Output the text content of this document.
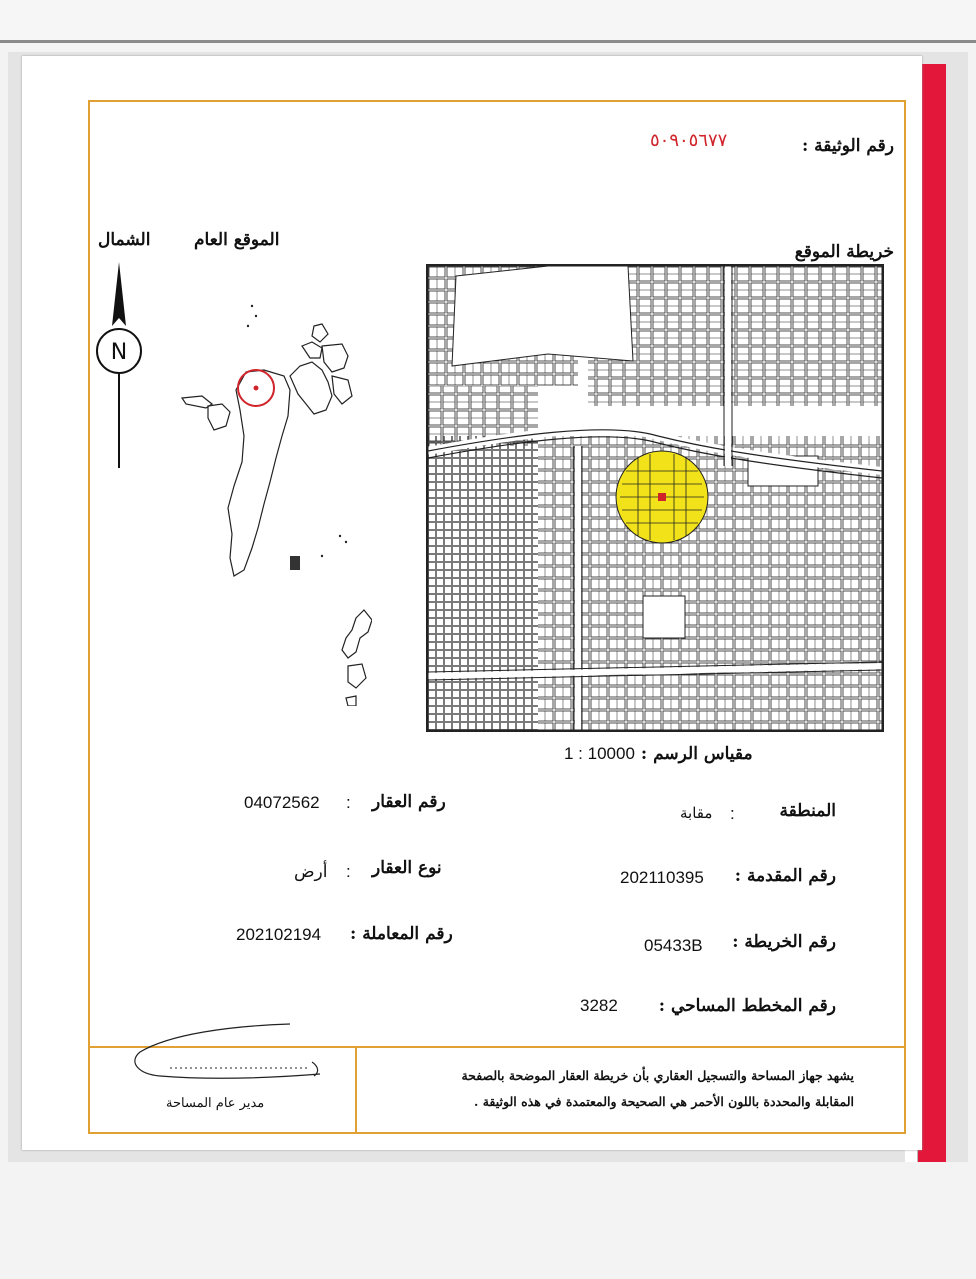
رقم الوثيقة :
٥٠٩٠٥٦٧٧
الموقع العام
الشمال
N
خريطة الموقع
1 : 10000 مقياس الرسم :
رقم العقار
:
04072562
نوع العقار
:
أرض
رقم المعاملة :
202102194
المنطقة
:
مقابة
رقم المقدمة :
202110395
رقم الخريطة :
05433B
رقم المخطط المساحي :
3282
يشهد جهاز المساحة والتسجيل العقاري بأن خريطة العقار الموضحة بالصفحة
المقابلة والمحددة باللون الأحمر هي الصحيحة والمعتمدة في هذه الوثيقة .
مدير عام المساحة
